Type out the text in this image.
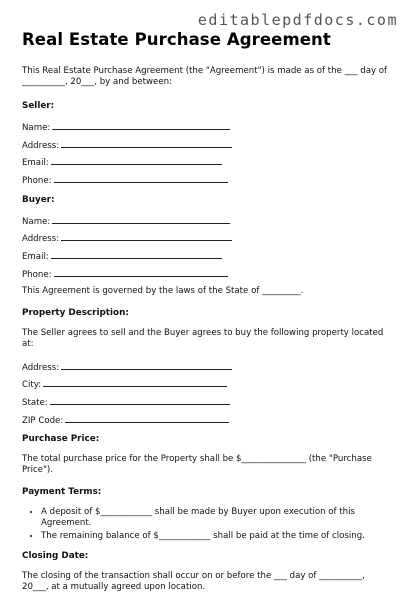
editablepdfdocs.com
Real Estate Purchase Agreement

This Real Estate Purchase Agreement (the "Agreement") is made as of the ___ day of __________, 20___, by and between:

Seller:
Name:
Address:
Email:
Phone:
Buyer:
Name:
Address:
Email:
Phone:

This Agreement is governed by the laws of the State of _________.

Property Description:

The Seller agrees to sell and the Buyer agrees to buy the following property located at:

Address:
City:
State:
ZIP Code:
Purchase Price:

The total purchase price for the Property shall be $_______________ (the "Purchase Price").

Payment Terms:
• A deposit of $____________ shall be made by Buyer upon execution of this Agreement.
• The remaining balance of $____________ shall be paid at the time of closing.
Closing Date:

The closing of the transaction shall occur on or before the ___ day of __________, 20___, at a mutually agreed upon location.
